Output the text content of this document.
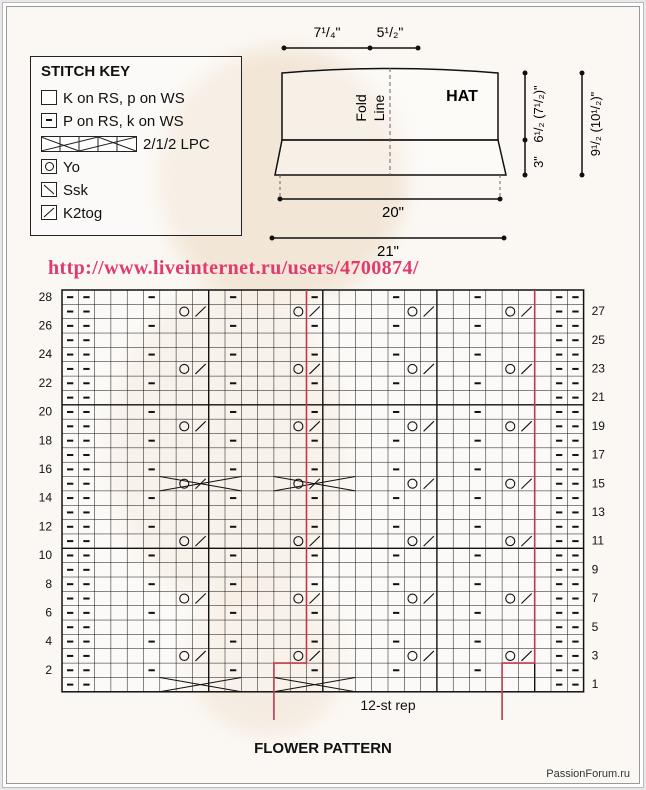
STITCH KEY
K on RS, p on WS
P on RS, k on WS
2/1/2 LPC
Yo
Ssk
K2tog
7¹/₄"	5¹/₂"
HAT
Fold Line
20"
21"
6¹/₂ (7¹/₂)"
3"
9¹/₂ (10¹/₂)"
http://www.liveinternet.ru/users/4700874/
12-st rep
28
26
24
22
20
18
16
14
12
10
8
6
4
2
27
25
23
21
19
17
15
13
11
9
7
5
3
1
FLOWER PATTERN
PassionForum.ru
